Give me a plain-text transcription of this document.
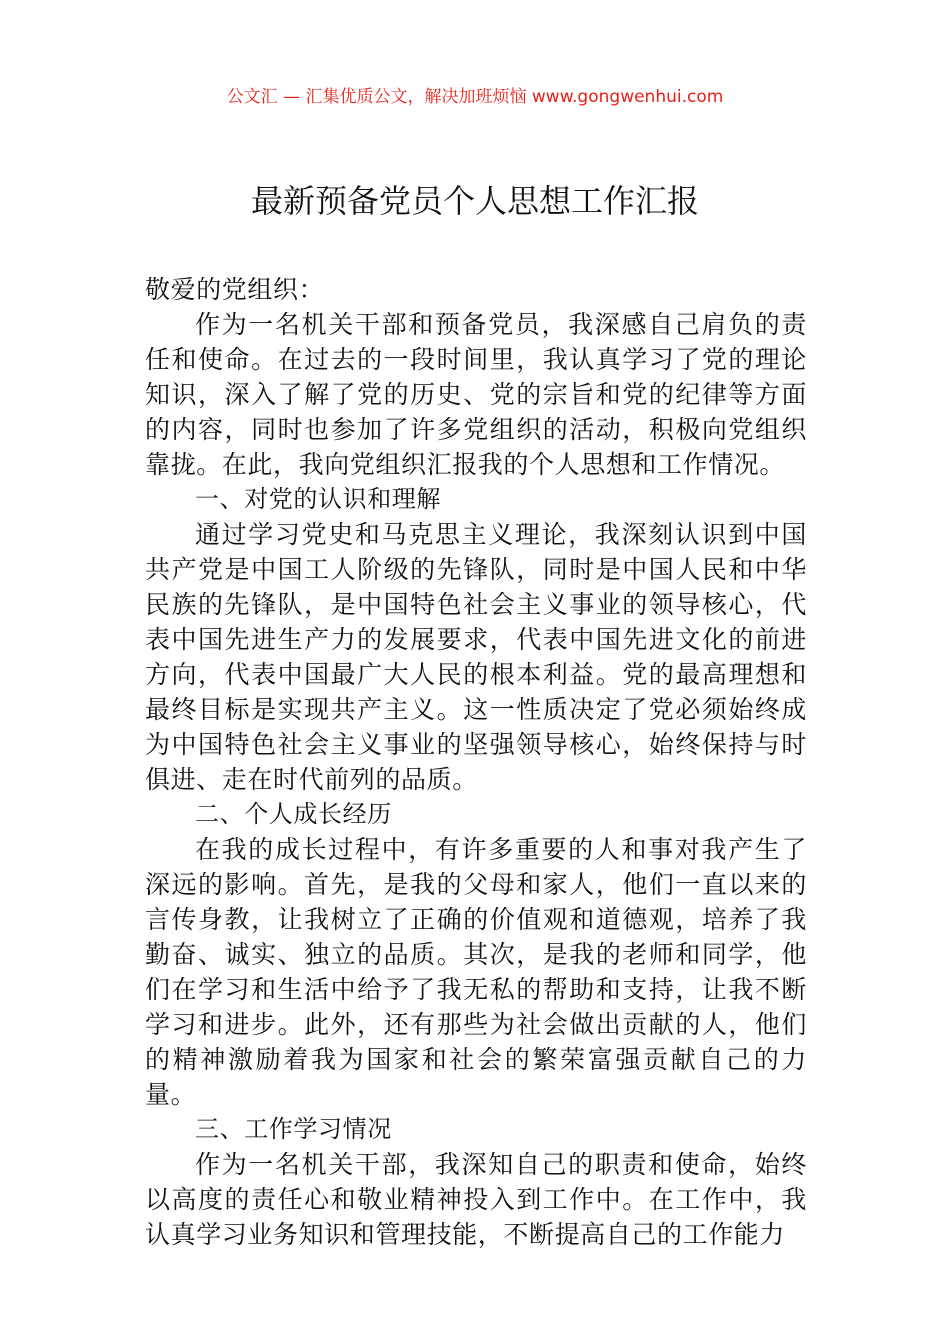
公文汇 — 汇集优质公文，解决加班烦恼 www.gongwenhui.com
最新预备党员个人思想工作汇报

敬爱的党组织：

作为一名机关干部和预备党员，我深感自己肩负的责任和使命。在过去的一段时间里，我认真学习了党的理论知识，深入了解了党的历史、党的宗旨和党的纪律等方面的内容，同时也参加了许多党组织的活动，积极向党组织靠拢。在此，我向党组织汇报我的个人思想和工作情况。

一、对党的认识和理解

通过学习党史和马克思主义理论，我深刻认识到中国共产党是中国工人阶级的先锋队，同时是中国人民和中华民族的先锋队，是中国特色社会主义事业的领导核心，代表中国先进生产力的发展要求，代表中国先进文化的前进方向，代表中国最广大人民的根本利益。党的最高理想和最终目标是实现共产主义。这一性质决定了党必须始终成为中国特色社会主义事业的坚强领导核心，始终保持与时俱进、走在时代前列的品质。

二、个人成长经历

在我的成长过程中，有许多重要的人和事对我产生了深远的影响。首先，是我的父母和家人，他们一直以来的言传身教，让我树立了正确的价值观和道德观，培养了我勤奋、诚实、独立的品质。其次，是我的老师和同学，他们在学习和生活中给予了我无私的帮助和支持，让我不断学习和进步。此外，还有那些为社会做出贡献的人，他们的精神激励着我为国家和社会的繁荣富强贡献自己的力量。

三、工作学习情况

作为一名机关干部，我深知自己的职责和使命，始终以高度的责任心和敬业精神投入到工作中。在工作中，我认真学习业务知识和管理技能，不断提高自己的工作能力
